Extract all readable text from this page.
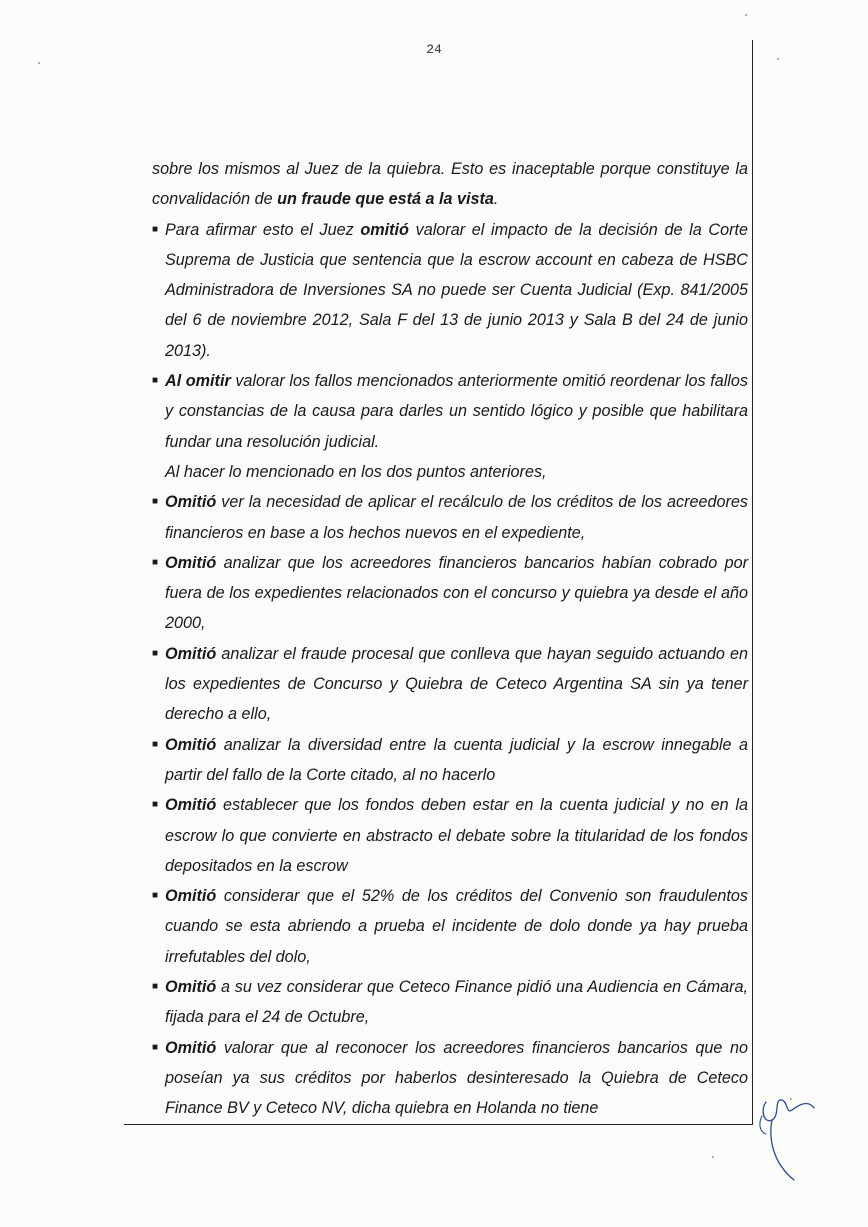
24

sobre los mismos al Juez de la quiebra. Esto es inaceptable porque constituye la convalidación de un fraude que está a la vista.

■ Para afirmar esto el Juez omitió valorar el impacto de la decisión de la Corte Suprema de Justicia que sentencia que la escrow account en cabeza de HSBC Administradora de Inversiones SA no puede ser Cuenta Judicial (Exp. 841/2005 del 6 de noviembre 2012, Sala F del 13 de junio 2013 y Sala B del 24 de junio 2013).

■ Al omitir valorar los fallos mencionados anteriormente omitió reordenar los fallos y constancias de la causa para darles un sentido lógico y posible que habilitara fundar una resolución judicial.

Al hacer lo mencionado en los dos puntos anteriores,

■ Omitió ver la necesidad de aplicar el recálculo de los créditos de los acreedores financieros en base a los hechos nuevos en el expediente,

■ Omitió analizar que los acreedores financieros bancarios habían cobrado por fuera de los expedientes relacionados con el concurso y quiebra ya desde el año 2000,

■ Omitió analizar el fraude procesal que conlleva que hayan seguido actuando en los expedientes de Concurso y Quiebra de Ceteco Argentina SA sin ya tener derecho a ello,

■ Omitió analizar la diversidad entre la cuenta judicial y la escrow innegable a partir del fallo de la Corte citado, al no hacerlo

■ Omitió establecer que los fondos deben estar en la cuenta judicial y no en la escrow lo que convierte en abstracto el debate sobre la titularidad de los fondos depositados en la escrow

■ Omitió considerar que el 52% de los créditos del Convenio son fraudulentos cuando se esta abriendo a prueba el incidente de dolo donde ya hay prueba irrefutables del dolo,

■ Omitió a su vez considerar que Ceteco Finance pidió una Audiencia en Cámara, fijada para el 24 de Octubre,

■ Omitió valorar que al reconocer los acreedores financieros bancarios que no poseían ya sus créditos por haberlos desinteresado la Quiebra de Ceteco Finance BV y Ceteco NV, dicha quiebra en Holanda no tiene
